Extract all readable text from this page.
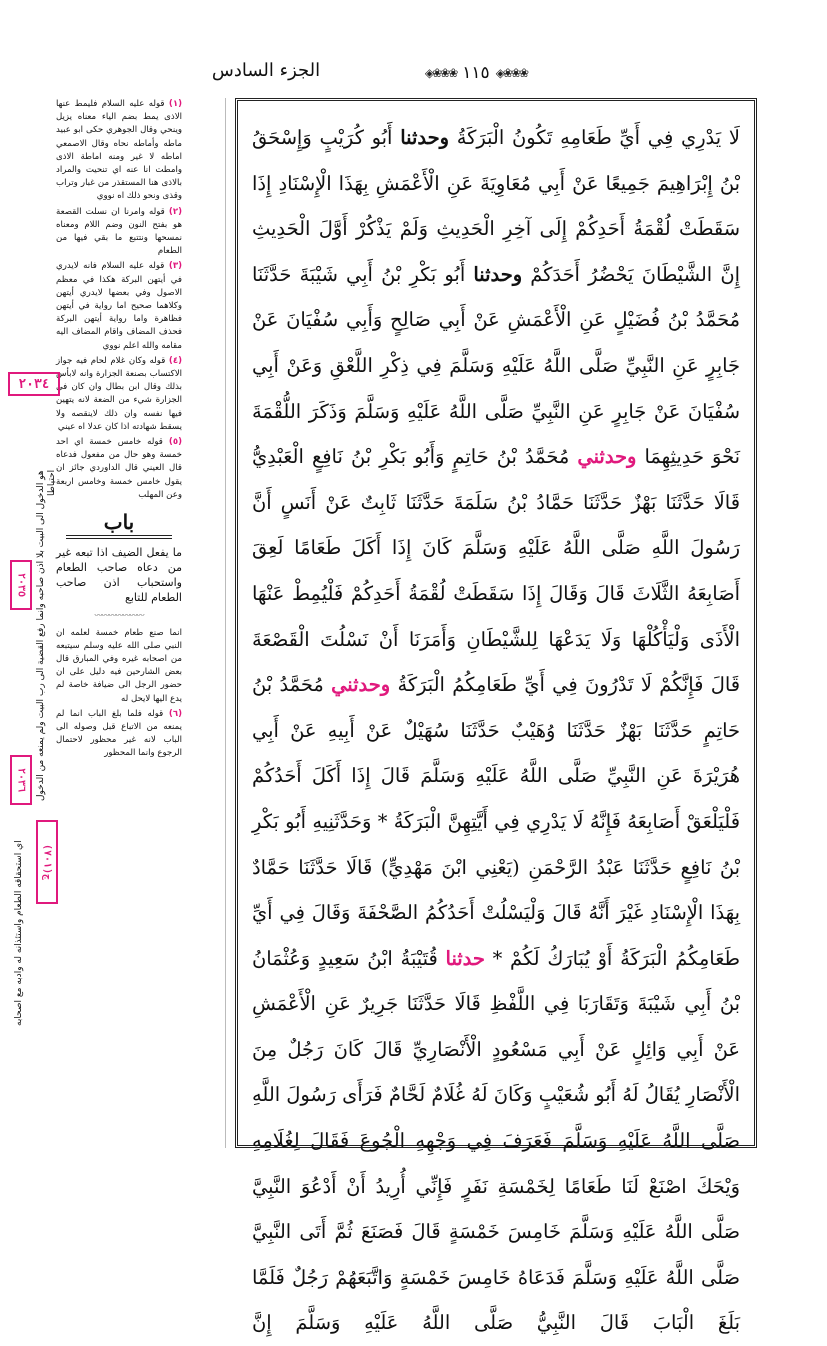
الجزء السادس	◈❀❀❀ ١١٥ ◈❀❀❀

لَا يَدْرِي فِي أَيِّ طَعَامِهِ تَكُونُ الْبَرَكَةُ وحدثنا أَبُو كُرَيْبٍ وَإِسْحَقُ بْنُ إِبْرَاهِيمَ جَمِيعًا عَنْ أَبِي مُعَاوِيَةَ عَنِ الْأَعْمَشِ بِهَذَا الْإِسْنَادِ إِذَا سَقَطَتْ لُقْمَةُ أَحَدِكُمْ إِلَى آخِرِ الْحَدِيثِ وَلَمْ يَذْكُرْ أَوَّلَ الْحَدِيثِ إِنَّ الشَّيْطَانَ يَحْضُرُ أَحَدَكُمْ وحدثنا أَبُو بَكْرِ بْنُ أَبِي شَيْبَةَ حَدَّثَنَا مُحَمَّدُ بْنُ فُضَيْلٍ عَنِ الْأَعْمَشِ عَنْ أَبِي صَالِحٍ وَأَبِي سُفْيَانَ عَنْ جَابِرٍ عَنِ النَّبِيِّ صَلَّى اللَّهُ عَلَيْهِ وَسَلَّمَ فِي ذِكْرِ اللَّعْقِ وَعَنْ أَبِي سُفْيَانَ عَنْ جَابِرٍ عَنِ النَّبِيِّ صَلَّى اللَّهُ عَلَيْهِ وَسَلَّمَ وَذَكَرَ اللُّقْمَةَ نَحْوَ حَدِيثِهِمَا وحدثني مُحَمَّدُ بْنُ حَاتِمٍ وَأَبُو بَكْرِ بْنُ نَافِعٍ الْعَبْدِيُّ قَالَا حَدَّثَنَا بَهْزٌ حَدَّثَنَا حَمَّادُ بْنُ سَلَمَةَ حَدَّثَنَا ثَابِتٌ عَنْ أَنَسٍ أَنَّ رَسُولَ اللَّهِ صَلَّى اللَّهُ عَلَيْهِ وَسَلَّمَ كَانَ إِذَا أَكَلَ طَعَامًا لَعِقَ أَصَابِعَهُ الثَّلَاثَ قَالَ وَقَالَ إِذَا سَقَطَتْ لُقْمَةُ أَحَدِكُمْ فَلْيُمِطْ عَنْهَا الْأَذَى وَلْيَأْكُلْهَا وَلَا يَدَعْهَا لِلشَّيْطَانِ وَأَمَرَنَا أَنْ نَسْلُتَ الْقَصْعَةَ قَالَ فَإِنَّكُمْ لَا تَدْرُونَ فِي أَيِّ طَعَامِكُمُ الْبَرَكَةُ وحدثني مُحَمَّدُ بْنُ حَاتِمٍ حَدَّثَنَا بَهْزٌ حَدَّثَنَا وُهَيْبٌ حَدَّثَنَا سُهَيْلٌ عَنْ أَبِيهِ عَنْ أَبِي هُرَيْرَةَ عَنِ النَّبِيِّ صَلَّى اللَّهُ عَلَيْهِ وَسَلَّمَ قَالَ إِذَا أَكَلَ أَحَدُكُمْ فَلْيَلْعَقْ أَصَابِعَهُ فَإِنَّهُ لَا يَدْرِي فِي أَيَّتِهِنَّ الْبَرَكَةُ * وَحَدَّثَنِيهِ أَبُو بَكْرِ بْنُ نَافِعٍ حَدَّثَنَا عَبْدُ الرَّحْمَنِ (يَعْنِي ابْنَ مَهْدِيٍّ) قَالَا حَدَّثَنَا حَمَّادٌ بِهَذَا الْإِسْنَادِ غَيْرَ أَنَّهُ قَالَ وَلْيَسْلُتْ أَحَدُكُمُ الصَّحْفَةَ وَقَالَ فِي أَيِّ طَعَامِكُمُ الْبَرَكَةُ أَوْ يُبَارَكُ لَكُمْ * حدثنا قُتَيْبَةُ ابْنُ سَعِيدٍ وَعُثْمَانُ بْنُ أَبِي شَيْبَةَ وَتَقَارَبَا فِي اللَّفْظِ قَالَا حَدَّثَنَا جَرِيرٌ عَنِ الْأَعْمَشِ عَنْ أَبِي وَائِلٍ عَنْ أَبِي مَسْعُودٍ الْأَنْصَارِيِّ قَالَ كَانَ رَجُلٌ مِنَ الْأَنْصَارِ يُقَالُ لَهُ أَبُو شُعَيْبٍ وَكَانَ لَهُ غُلَامٌ لَحَّامٌ فَرَأَى رَسُولَ اللَّهِ صَلَّى اللَّهُ عَلَيْهِ وَسَلَّمَ فَعَرَفَ فِي وَجْهِهِ الْجُوعَ فَقَالَ لِغُلَامِهِ وَيْحَكَ اصْنَعْ لَنَا طَعَامًا لِخَمْسَةِ نَفَرٍ فَإِنِّي أُرِيدُ أَنْ أَدْعُوَ النَّبِيَّ صَلَّى اللَّهُ عَلَيْهِ وَسَلَّمَ خَامِسَ خَمْسَةٍ قَالَ فَصَنَعَ ثُمَّ أَتَى النَّبِيَّ صَلَّى اللَّهُ عَلَيْهِ وَسَلَّمَ فَدَعَاهُ خَامِسَ خَمْسَةٍ وَاتَّبَعَهُمْ رَجُلٌ فَلَمَّا بَلَغَ الْبَابَ قَالَ النَّبِيُّ صَلَّى اللَّهُ عَلَيْهِ وَسَلَّمَ إِنَّ

(١) قوله عليه السلام فليمط عنها الاذى يمط بضم الياء معناه يزيل وينحي وقال الجوهري حكى ابو عبيد ماطه وأماطه نحاه وقال الاصمعي اماطه لا غير ومنه اماطة الاذى وامطت انا عنه اي تنحيت والمراد بالاذى هنا المستقذر من غبار وتراب وقذى ونحو ذلك اه نووي

(٢) قوله وامرنا ان نسلت القصعة هو بفتح النون وضم اللام ومعناه نمسحها ونتتبع ما بقي فيها من الطعام

(٣) قوله عليه السلام فانه لايدري في أيتهن البركة هكذا في معظم الاصول وفي بعضها لايدري أيتهن وكلاهما صحيح اما رواية في أيتهن فظاهرة واما رواية أيتهن البركة فحذف المضاف واقام المضاف اليه مقامه والله اعلم نووي

(٤) قوله وكان غلام لحام فيه جواز الاكتساب بصنعة الجزارة وانه لابأس بذلك وقال ابن بطال وان كان في الجزارة شيء من الضعة لانه يتهين فيها نفسه وان ذلك لاينقصه ولا يسقط شهادته اذا كان عدلا اه عيني

(٥) قوله خامس خمسة اي احد خمسة وهو حال من مفعول فدعاه قال العيني قال الداوردي جائز ان يقول خامس خمسة وخامس اربعة وعن المهلب

باب

ما يفعل الضيف اذا تبعه غير من دعاه صاحب الطعام واستحباب اذن صاحب الطعام للتابع

〰〰〰〰〰〰〰

انما صنع طعام خمسة لعلمه ان النبي صلى الله عليه وسلم سيتبعه من اصحابه غيره وفي المبارق قال بعض الشارحين فيه دليل على ان حضور الرجل الى ضيافة خاصة لم يدع اليها لايحل له

(٦) قوله فلما بلغ الباب انما لم يمنعه من الاتباع قبل وصوله الى الباب لانه غير محظور لاحتمال الرجوع وانما المحظور

٢٠٣٤
٢٠٣٥
٢٠٣٦
ج(٧٠١)
هو الدخول الى البيت بلا اذن صاحبه وانما رفع القضية الى رب البيت ولم يمنعه من الدخول احتياطا
اي استحقاقه الطعام واستئذانه له وادبه مع اصحابه
